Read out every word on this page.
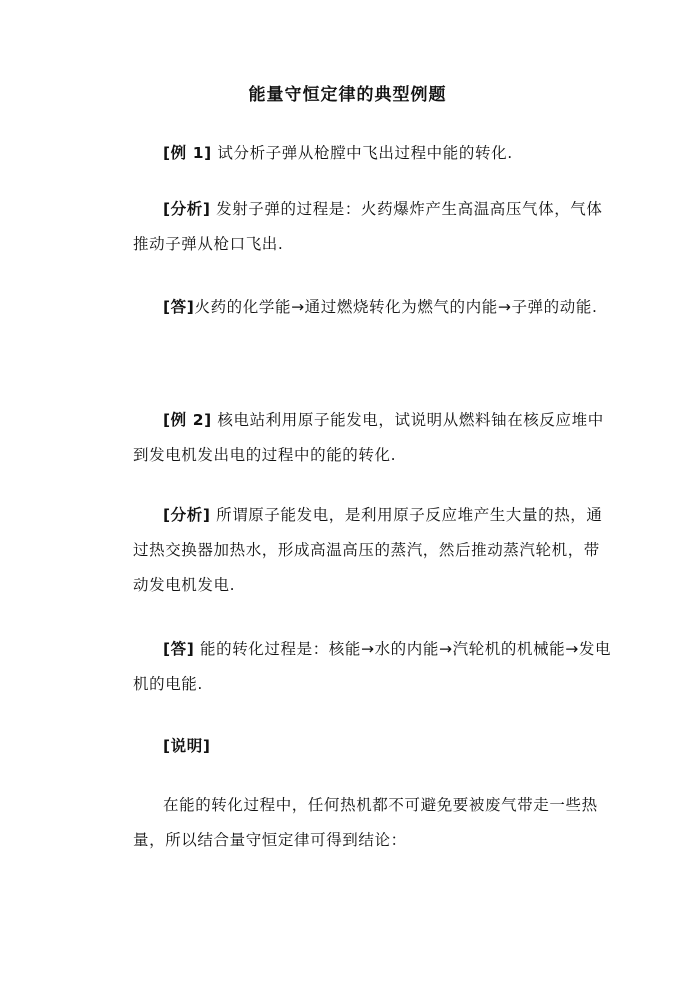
能量守恒定律的典型例题

[例 1] 试分析子弹从枪膛中飞出过程中能的转化.

[分析] 发射子弹的过程是：火药爆炸产生高温高压气体，气体推动子弹从枪口飞出.

[答]火药的化学能→通过燃烧转化为燃气的内能→子弹的动能.

[例 2] 核电站利用原子能发电，试说明从燃料铀在核反应堆中到发电机发出电的过程中的能的转化.

[分析] 所谓原子能发电，是利用原子反应堆产生大量的热，通过热交换器加热水，形成高温高压的蒸汽，然后推动蒸汽轮机，带动发电机发电.

[答] 能的转化过程是：核能→水的内能→汽轮机的机械能→发电机的电能.

[说明]

在能的转化过程中，任何热机都不可避免要被废气带走一些热量，所以结合量守恒定律可得到结论：
